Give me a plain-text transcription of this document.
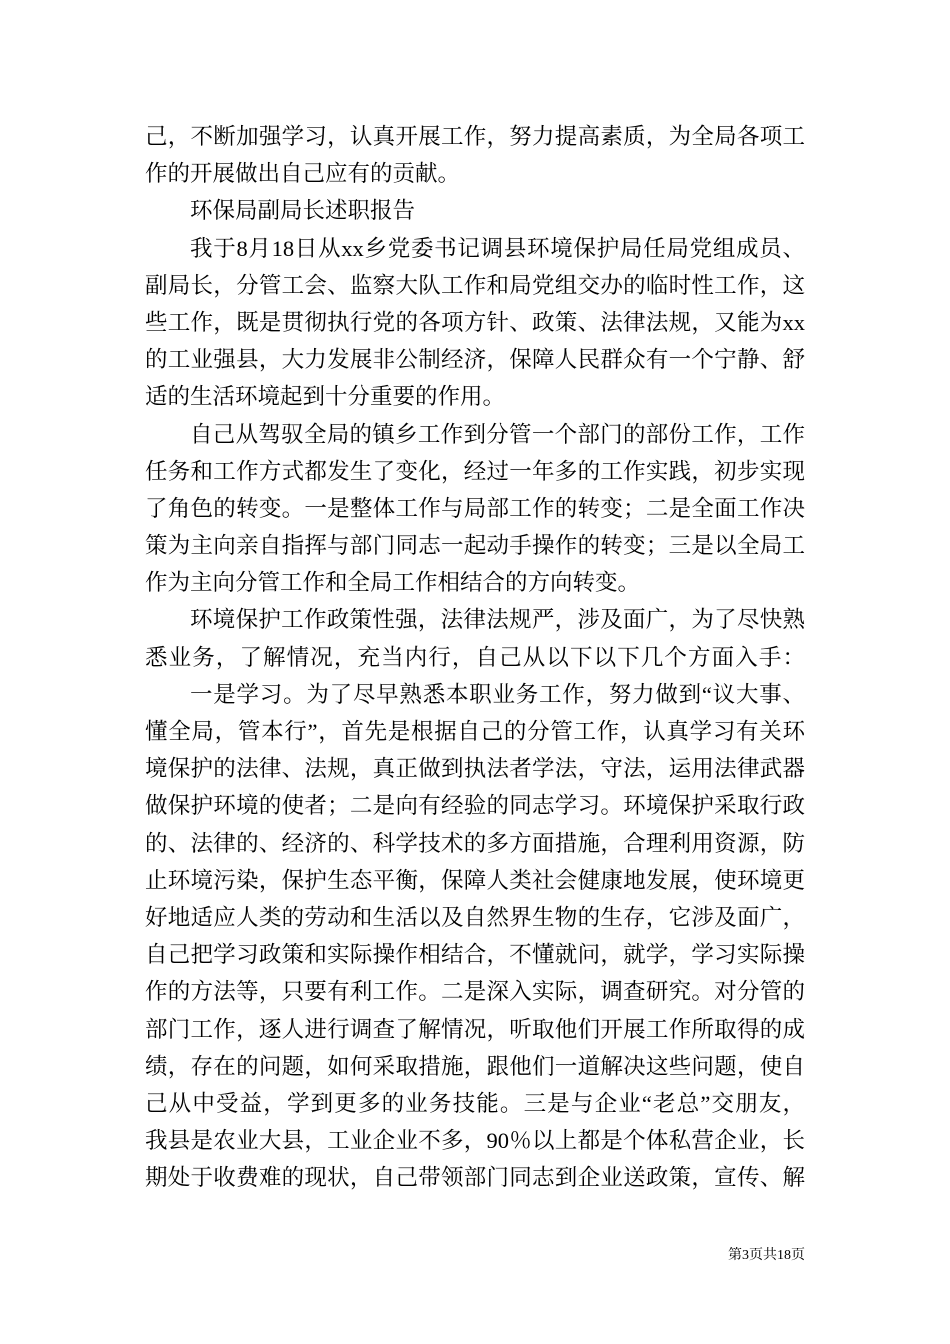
己，不断加强学习，认真开展工作，努力提高素质，为全局各项工
作的开展做出自己应有的贡献。
环保局副局长述职报告
我于8月18日从xx乡党委书记调县环境保护局任局党组成员、
副局长，分管工会、监察大队工作和局党组交办的临时性工作，这
些工作，既是贯彻执行党的各项方针、政策、法律法规，又能为xx
的工业强县，大力发展非公制经济，保障人民群众有一个宁静、舒
适的生活环境起到十分重要的作用。
自己从驾驭全局的镇乡工作到分管一个部门的部份工作，工作
任务和工作方式都发生了变化，经过一年多的工作实践，初步实现
了角色的转变。一是整体工作与局部工作的转变；二是全面工作决
策为主向亲自指挥与部门同志一起动手操作的转变；三是以全局工
作为主向分管工作和全局工作相结合的方向转变。
环境保护工作政策性强，法律法规严，涉及面广，为了尽快熟
悉业务，了解情况，充当内行，自己从以下以下几个方面入手：
一是学习。为了尽早熟悉本职业务工作，努力做到“议大事、
懂全局，管本行”，首先是根据自己的分管工作，认真学习有关环
境保护的法律、法规，真正做到执法者学法，守法，运用法律武器
做保护环境的使者；二是向有经验的同志学习。环境保护采取行政
的、法律的、经济的、科学技术的多方面措施，合理利用资源，防
止环境污染，保护生态平衡，保障人类社会健康地发展，使环境更
好地适应人类的劳动和生活以及自然界生物的生存，它涉及面广，
自己把学习政策和实际操作相结合，不懂就问，就学，学习实际操
作的方法等，只要有利工作。二是深入实际，调查研究。对分管的
部门工作，逐人进行调查了解情况，听取他们开展工作所取得的成
绩，存在的问题，如何采取措施，跟他们一道解决这些问题，使自
己从中受益，学到更多的业务技能。三是与企业“老总”交朋友，
我县是农业大县，工业企业不多，90％以上都是个体私营企业，长
期处于收费难的现状，自己带领部门同志到企业送政策，宣传、解
第3页共18页
